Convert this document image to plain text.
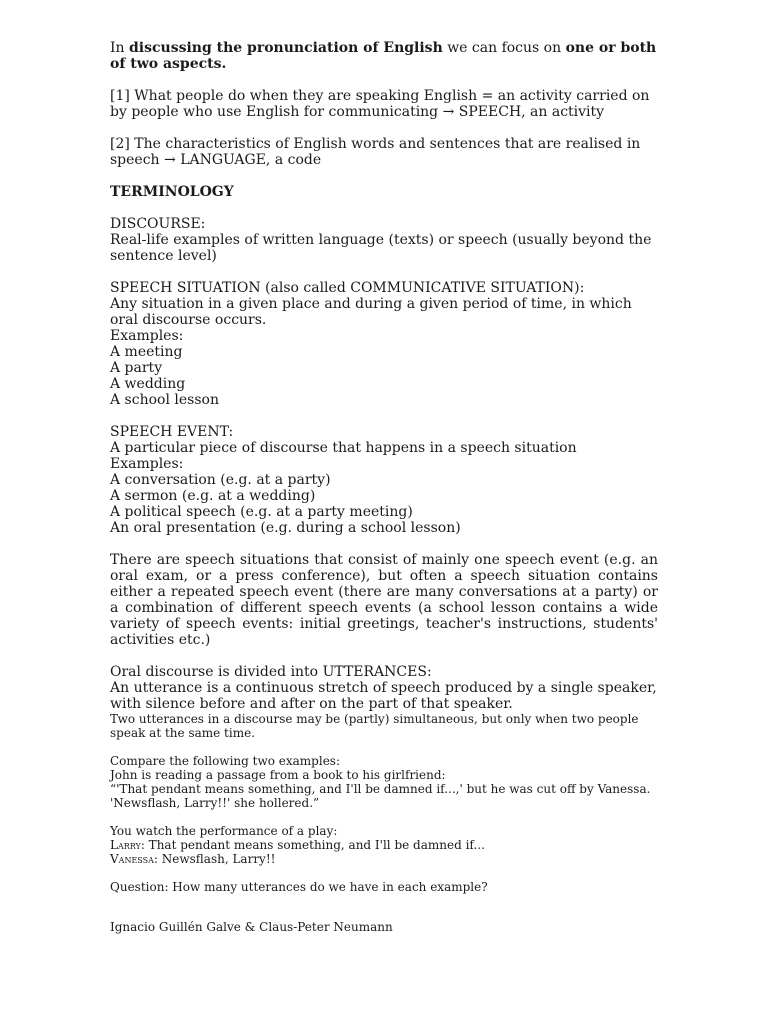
In discussing the pronunciation of English we can focus on one or both of two aspects.

[1] What people do when they are speaking English = an activity carried on by people who use English for communicating → SPEECH, an activity

[2] The characteristics of English words and sentences that are realised in speech → LANGUAGE, a code

TERMINOLOGY

DISCOURSE:

Real-life examples of written language (texts) or speech (usually beyond the sentence level)

SPEECH SITUATION (also called COMMUNICATIVE SITUATION):

Any situation in a given place and during a given period of time, in which oral discourse occurs.

Examples:

A meeting

A party

A wedding

A school lesson

SPEECH EVENT:

A particular piece of discourse that happens in a speech situation

Examples:

A conversation (e.g. at a party)

A sermon (e.g. at a wedding)

A political speech (e.g. at a party meeting)

An oral presentation (e.g. during a school lesson)

There are speech situations that consist of mainly one speech event (e.g. an oral exam, or a press conference), but often a speech situation contains either a repeated speech event (there are many conversations at a party) or a combination of different speech events (a school lesson contains a wide variety of speech events: initial greetings, teacher's instructions, students' activities etc.)

Oral discourse is divided into UTTERANCES:

An utterance is a continuous stretch of speech produced by a single speaker, with silence before and after on the part of that speaker.

Two utterances in a discourse may be (partly) simultaneous, but only when two people speak at the same time.

Compare the following two examples:

John is reading a passage from a book to his girlfriend:

“'That pendant means something, and I'll be damned if...,' but he was cut off by Vanessa. 'Newsflash, Larry!!' she hollered.”

You watch the performance of a play:

Larry: That pendant means something, and I'll be damned if...

Vanessa: Newsflash, Larry!!

Question: How many utterances do we have in each example?

Ignacio Guillén Galve & Claus-Peter Neumann
